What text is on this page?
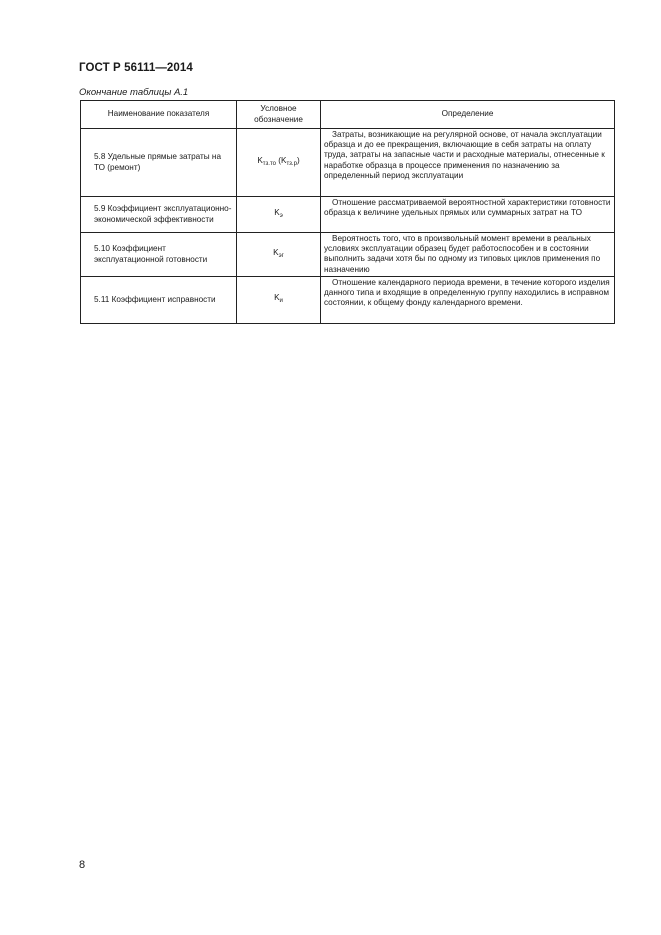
ГОСТ Р 56111—2014
Окончание таблицы А.1
Наименование показателя	Условное обозначение	Определение

5.8 Удельные прямые затраты на ТО (ремонт)	$K_{тз.то}$ $(K_{тз.р})$	Затраты, возникающие на регулярной основе, от начала эксплуатации образца и до ее прекращения, включающие в себя затраты на оплату труда, затраты на запасные части и расходные материалы, отнесенные к наработке образца в процессе применения по назначению за определенный период эксплуатации

5.9 Коэффициент эксплуатационно-экономической эффективности	$K_э$	Отношение рассматриваемой вероятностной характеристики готовности образца к величине удельных прямых или суммарных затрат на ТО

5.10 Коэффициент эксплуатационной готовности	$K_{эг}$	Вероятность того, что в произвольный момент времени в реальных условиях эксплуатации образец будет работоспособен и в состоянии выполнить задачи хотя бы по одному из типовых циклов применения по назначению

5.11 Коэффициент исправности	$K_и$	Отношение календарного периода времени, в течение которого изделия данного типа и входящие в определенную группу находились в исправном состоянии, к общему фонду календарного времени.
8
